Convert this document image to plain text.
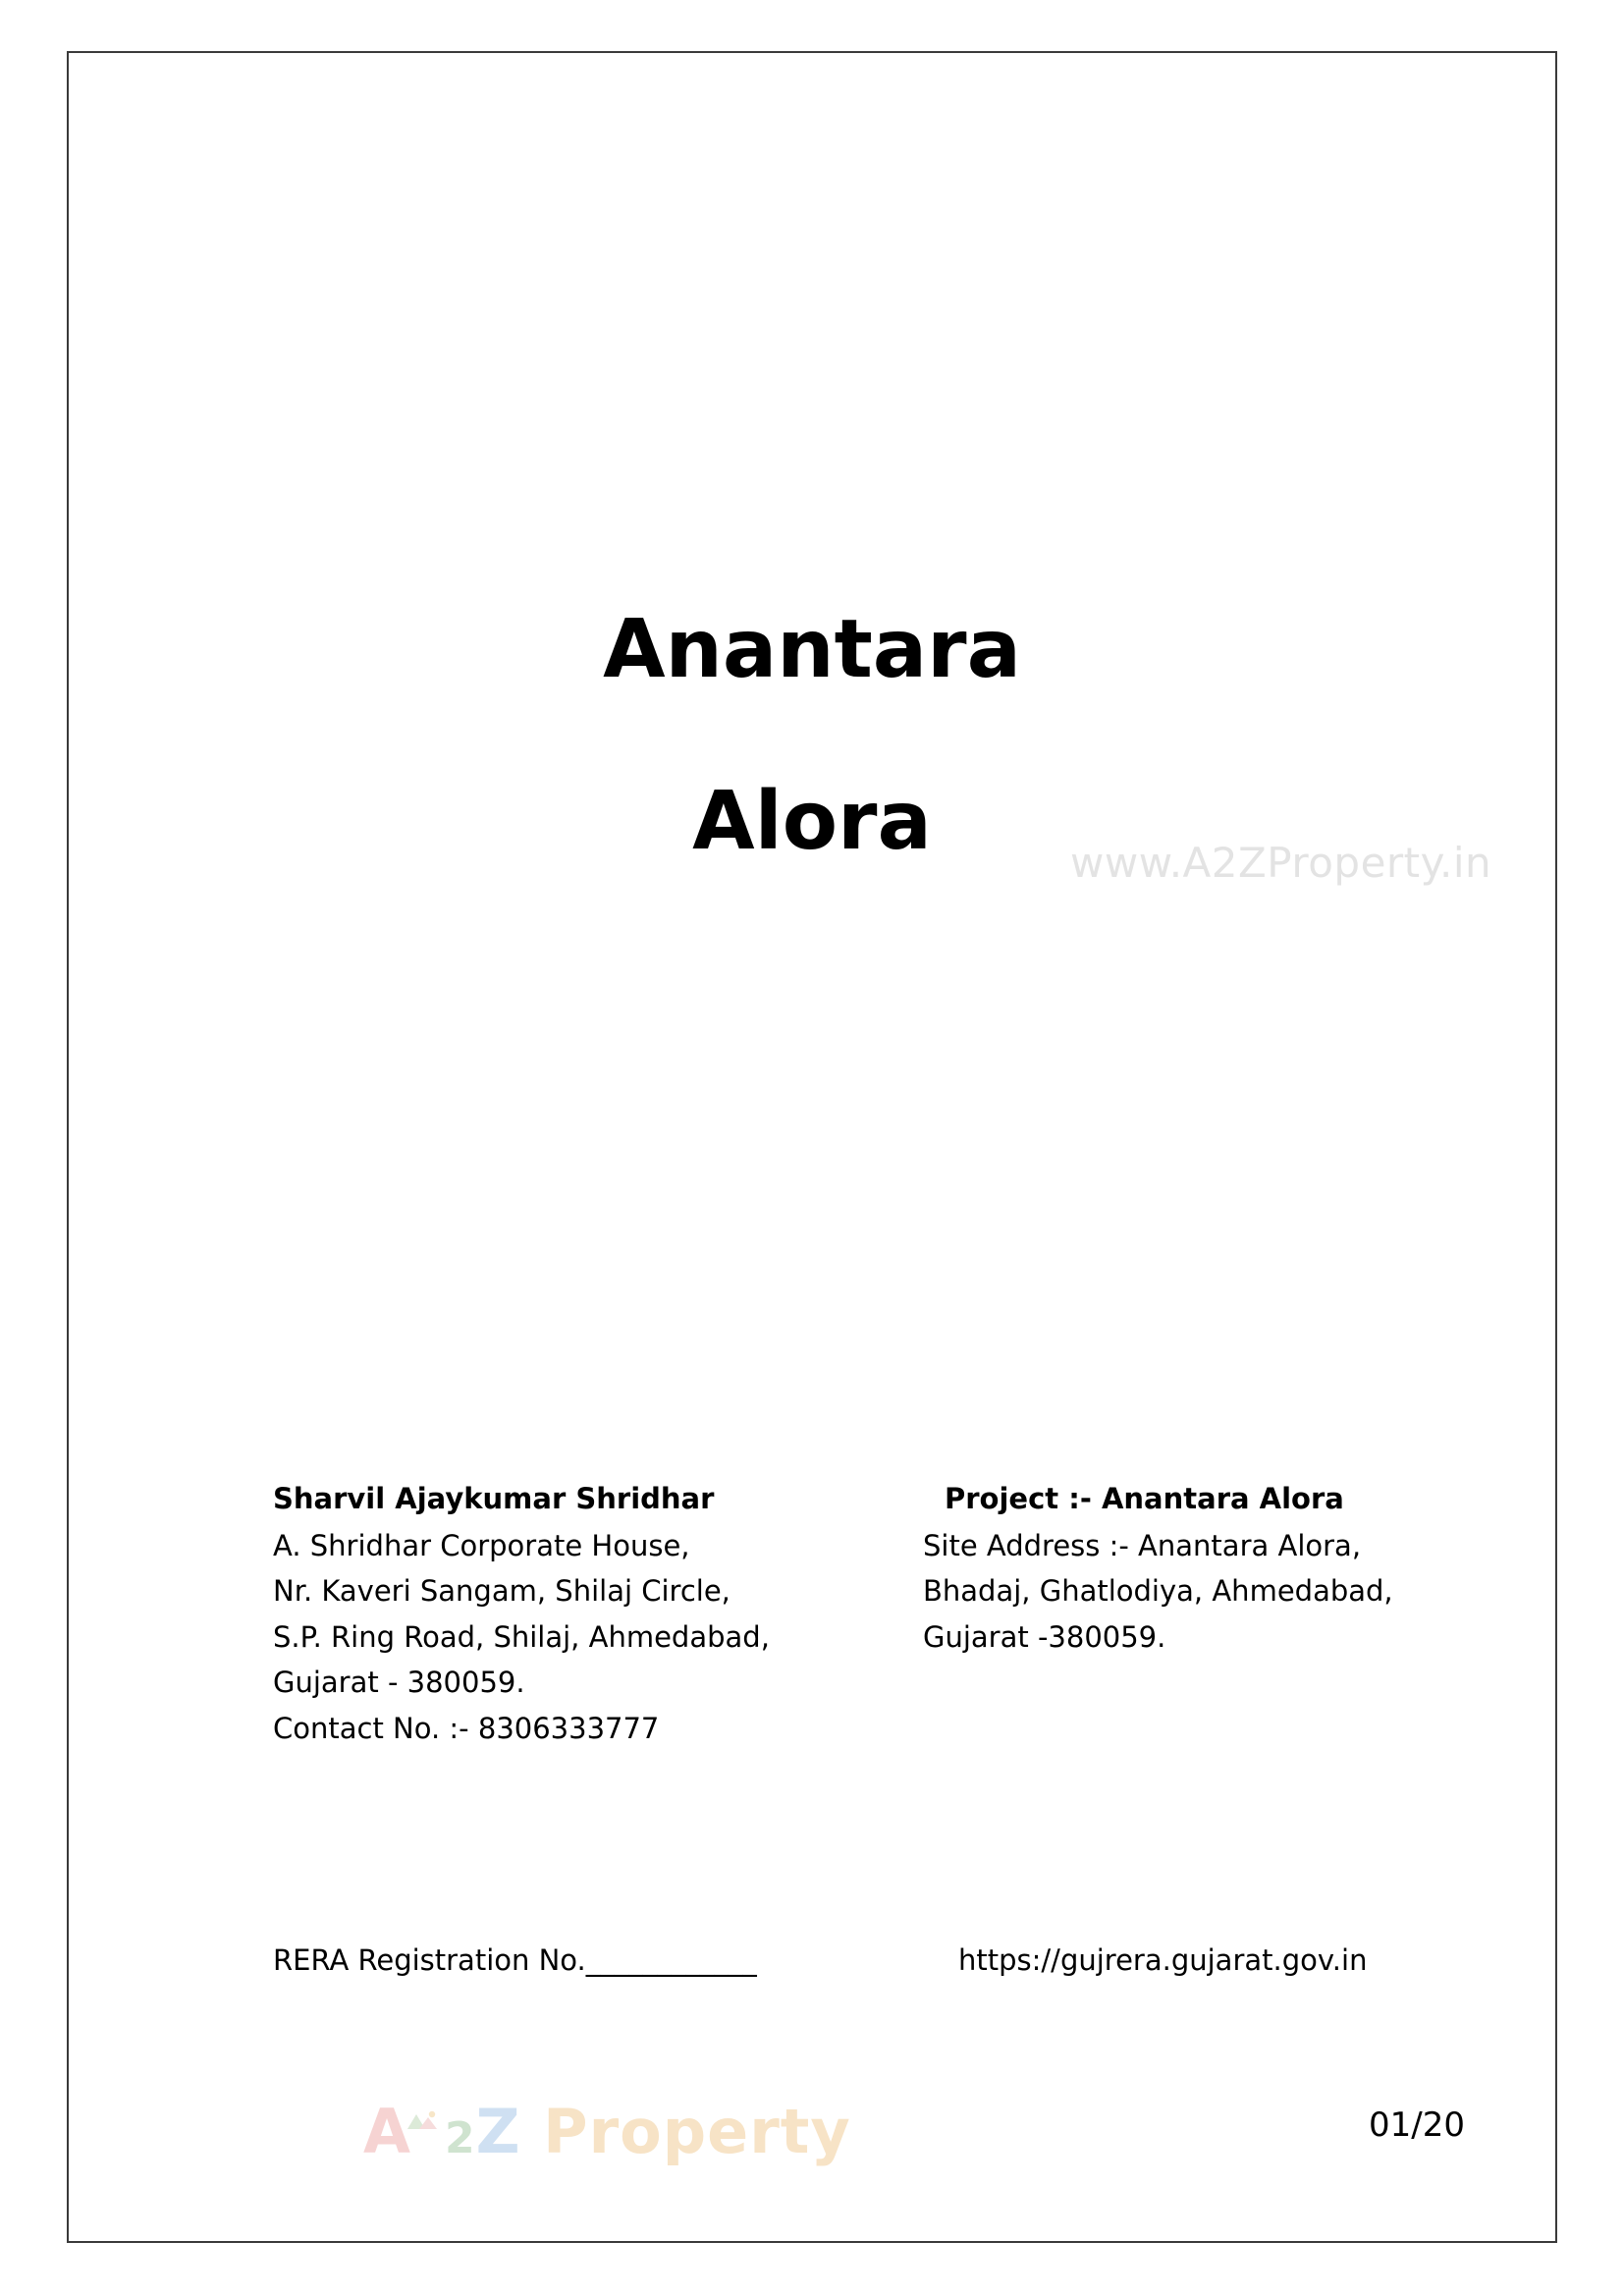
Anantara
Alora	www.A2ZProperty.in
Sharvil Ajaykumar Shridhar
A. Shridhar Corporate House,
Nr. Kaveri Sangam, Shilaj Circle,
S.P. Ring Road, Shilaj, Ahmedabad,
Gujarat - 380059.
Contact No. :- 8306333777
Project :- Anantara Alora
Site Address :- Anantara Alora,
Bhadaj, Ghatlodiya, Ahmedabad,
Gujarat -380059.
RERA Registration No.____________	https://gujrera.gujarat.gov.in
A 2Z Property	01/20
